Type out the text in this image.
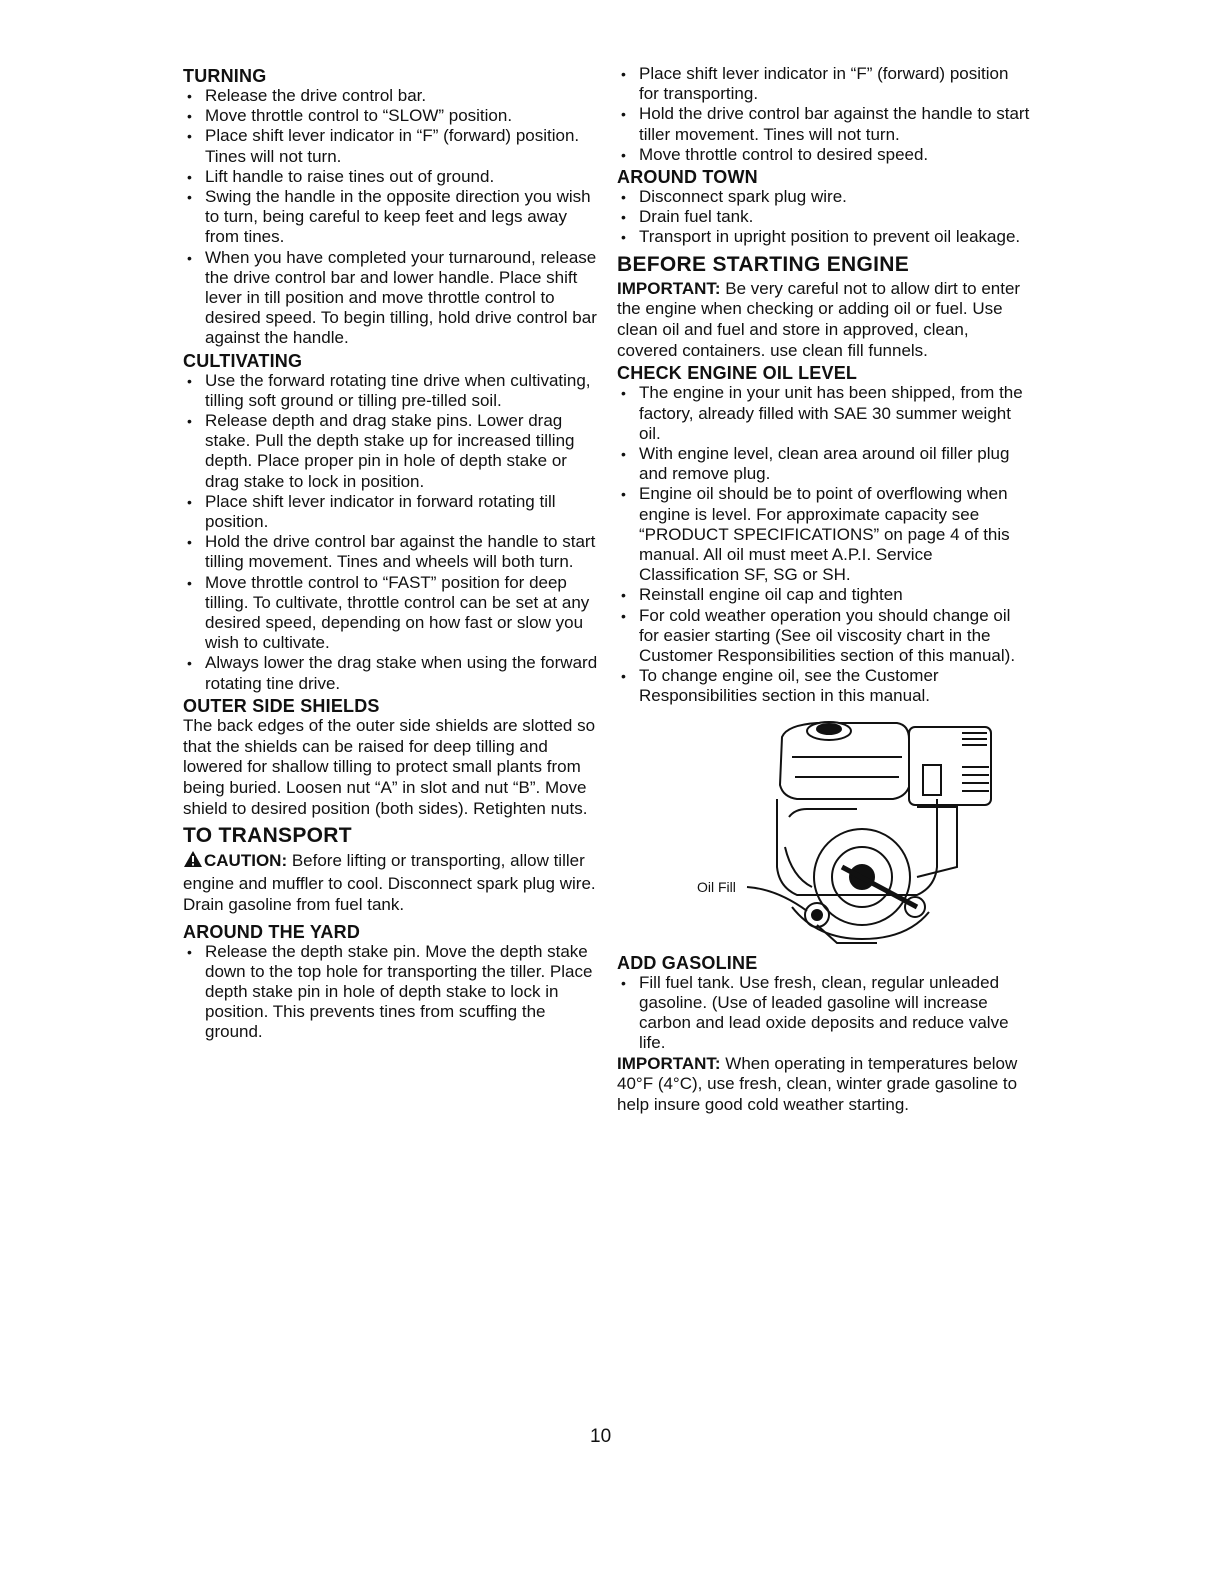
TURNING
• Release the drive control bar.
• Move throttle control to “SLOW” position.
• Place shift lever indicator in “F” (forward) position. Tines will not turn.
• Lift handle to raise tines out of ground.
• Swing the handle in the opposite direction you wish to turn, being careful to keep feet and legs away from tines.
• When you have completed your turnaround, release the drive control bar and lower handle. Place shift lever in till position and move throttle control to desired speed. To begin tilling, hold drive control bar against the handle.
CULTIVATING
• Use the forward rotating tine drive when cultivating, tilling soft ground or tilling pre-tilled soil.
• Release depth and drag stake pins. Lower drag stake. Pull the depth stake up for increased tilling depth. Place proper pin in hole of depth stake or drag stake to lock in position.
• Place shift lever indicator in forward rotating till position.
• Hold the drive control bar against the handle to start tilling movement. Tines and wheels will both turn.
• Move throttle control to “FAST” position for deep tilling. To cultivate, throttle control can be set at any desired speed, depending on how fast or slow you wish to cultivate.
• Always lower the drag stake when using the forward rotating tine drive.
OUTER SIDE SHIELDS

The back edges of the outer side shields are slotted so that the shields can be raised for deep tilling and lowered for shallow tilling to protect small plants from being buried. Loosen nut “A” in slot and nut “B”. Move shield to desired position (both sides). Retighten nuts.

TO TRANSPORT

CAUTION: Before lifting or transporting, allow tiller engine and muffler to cool. Disconnect spark plug wire. Drain gasoline from fuel tank.

AROUND THE YARD
• Release the depth stake pin. Move the depth stake down to the top hole for transporting the tiller. Place depth stake pin in hole of depth stake to lock in position. This prevents tines from scuffing the ground.
• Place shift lever indicator in “F” (forward) position for transporting.
• Hold the drive control bar against the handle to start tiller movement. Tines will not turn.
• Move throttle control to desired speed.
AROUND TOWN
• Disconnect spark plug wire.
• Drain fuel tank.
• Transport in upright position to prevent oil leakage.
BEFORE STARTING ENGINE

IMPORTANT: Be very careful not to allow dirt to enter the engine when checking or adding oil or fuel. Use clean oil and fuel and store in approved, clean, covered containers. use clean fill funnels.

CHECK ENGINE OIL LEVEL
• The engine in your unit has been shipped, from the factory, already filled with SAE 30 summer weight oil.
• With engine level, clean area around oil filler plug and remove plug.
• Engine oil should be to point of overflowing when engine is level. For approximate capacity see “PRODUCT SPECIFICATIONS” on page 4 of this manual. All oil must meet A.P.I. Service Classification SF, SG or SH.
• Reinstall engine oil cap and tighten
• For cold weather operation you should change oil for easier starting (See oil viscosity chart in the Customer Responsibilities section of this manual).
• To change engine oil, see the Customer Responsibilities section in this manual.
Oil Fill
ADD GASOLINE
• Fill fuel tank. Use fresh, clean, regular unleaded gasoline. (Use of leaded gasoline will increase carbon and lead oxide deposits and reduce valve life.

IMPORTANT: When operating in temperatures below 40°F (4°C), use fresh, clean, winter grade gasoline to help insure good cold weather starting.

10
